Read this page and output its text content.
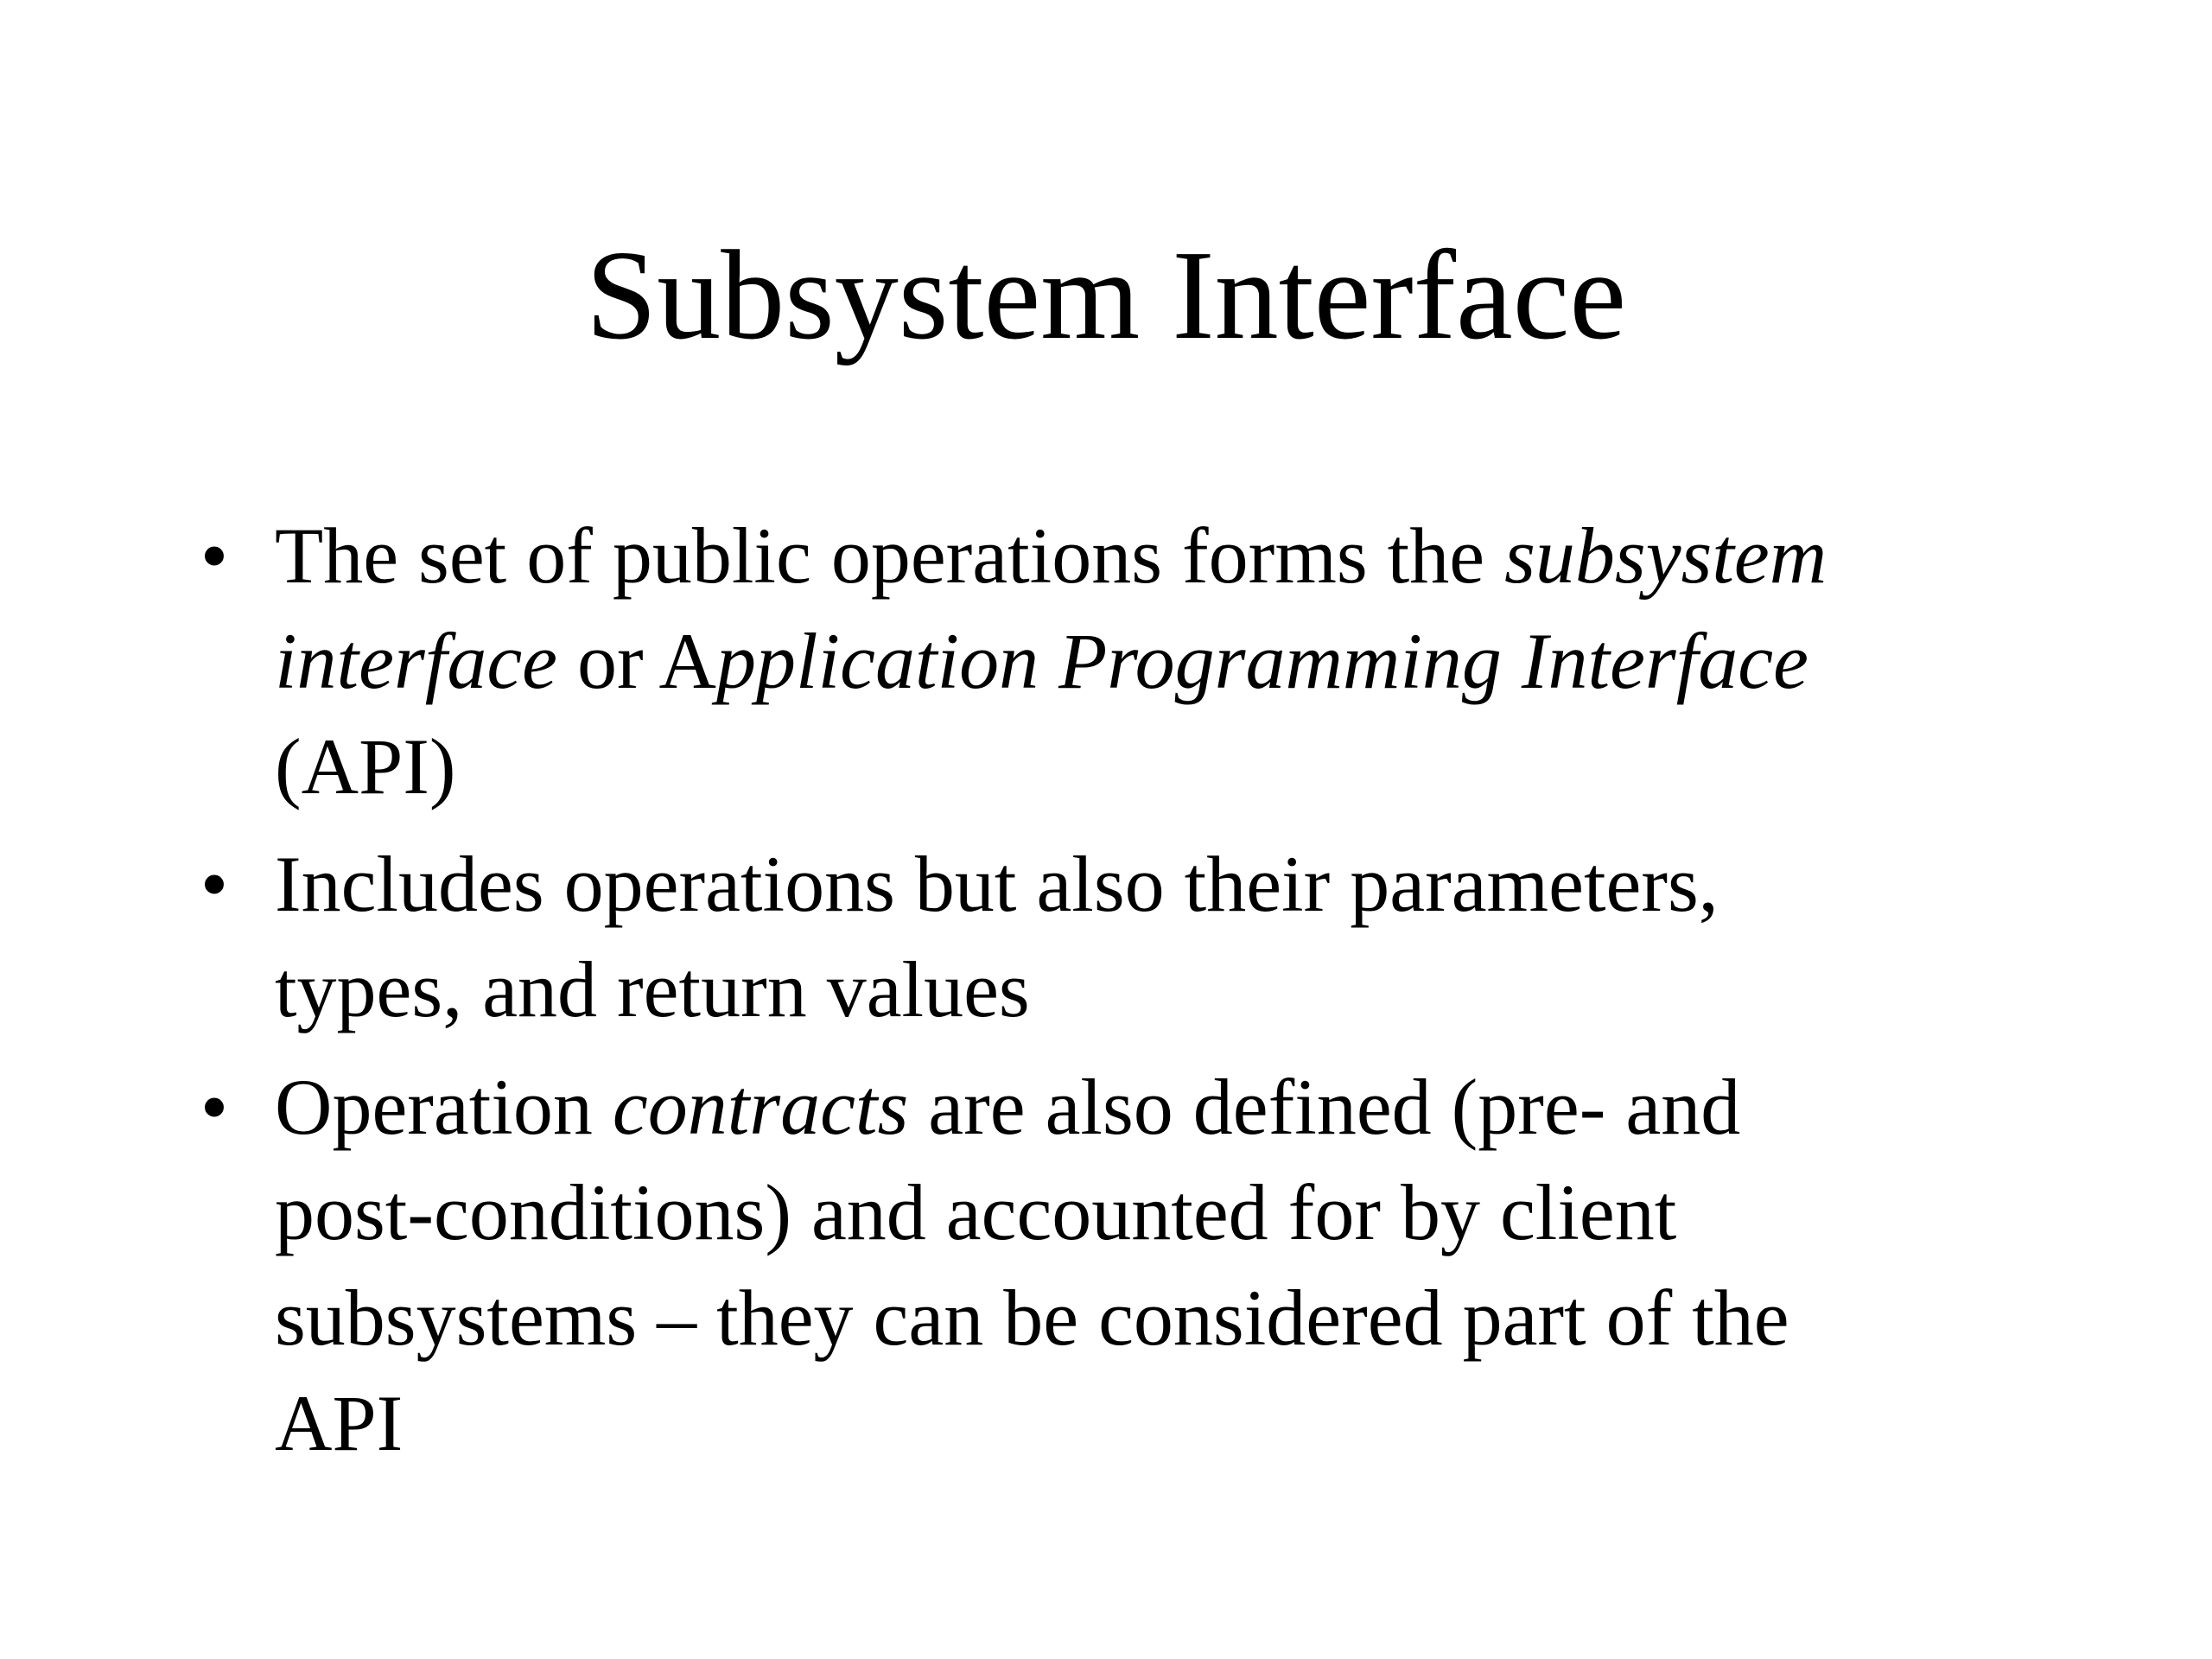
Subsystem Interface
• The set of public operations forms the subsystem
interface or Application Programming Interface
(API)
• Includes operations but also their parameters,
types, and return values
• Operation contracts are also defined (pre- and
post-conditions) and accounted for by client
subsystems – they can be considered part of the
API
